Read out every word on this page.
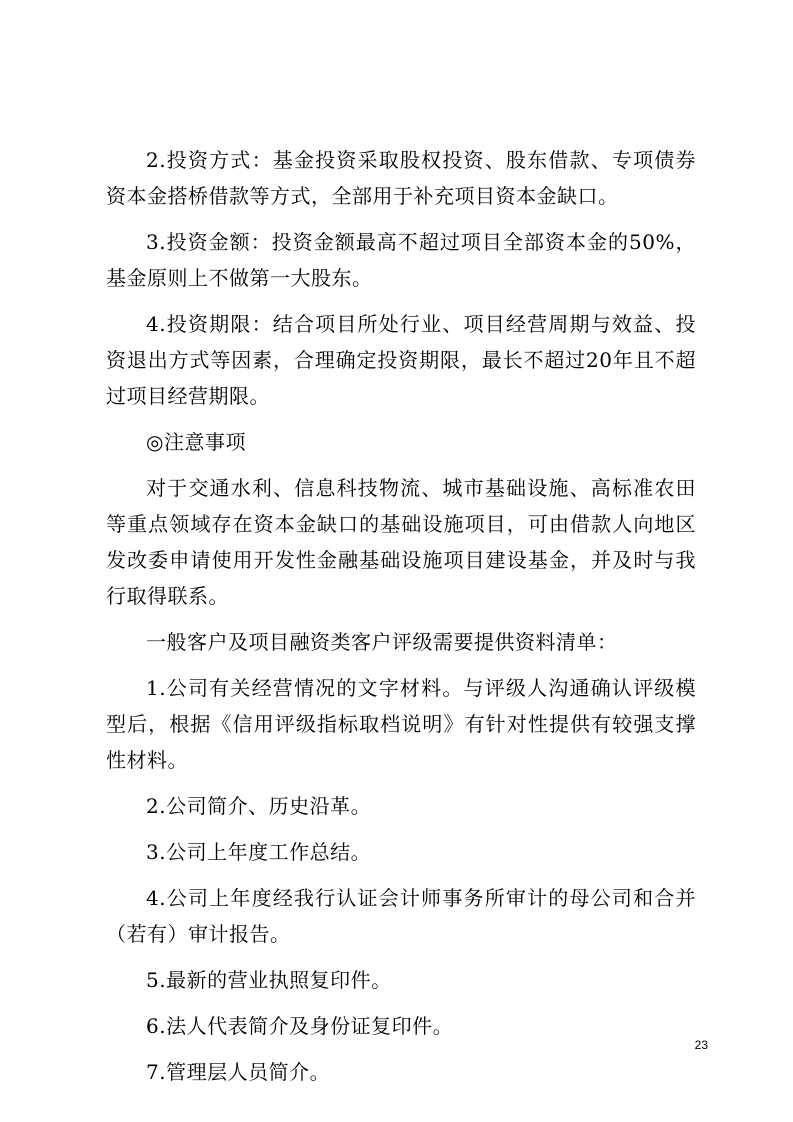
2.投资方式：基金投资采取股权投资、股东借款、专项债券资本金搭桥借款等方式，全部用于补充项目资本金缺口。

3.投资金额：投资金额最高不超过项目全部资本金的50%，基金原则上不做第一大股东。

4.投资期限：结合项目所处行业、项目经营周期与效益、投资退出方式等因素，合理确定投资期限，最长不超过20年且不超过项目经营期限。

◎注意事项

对于交通水利、信息科技物流、城市基础设施、高标准农田等重点领域存在资本金缺口的基础设施项目，可由借款人向地区发改委申请使用开发性金融基础设施项目建设基金，并及时与我行取得联系。

一般客户及项目融资类客户评级需要提供资料清单：

1.公司有关经营情况的文字材料。与评级人沟通确认评级模型后，根据《信用评级指标取档说明》有针对性提供有较强支撑性材料。

2.公司简介、历史沿革。

3.公司上年度工作总结。

4.公司上年度经我行认证会计师事务所审计的母公司和合并（若有）审计报告。

5.最新的营业执照复印件。

6.法人代表简介及身份证复印件。

7.管理层人员简介。

23
